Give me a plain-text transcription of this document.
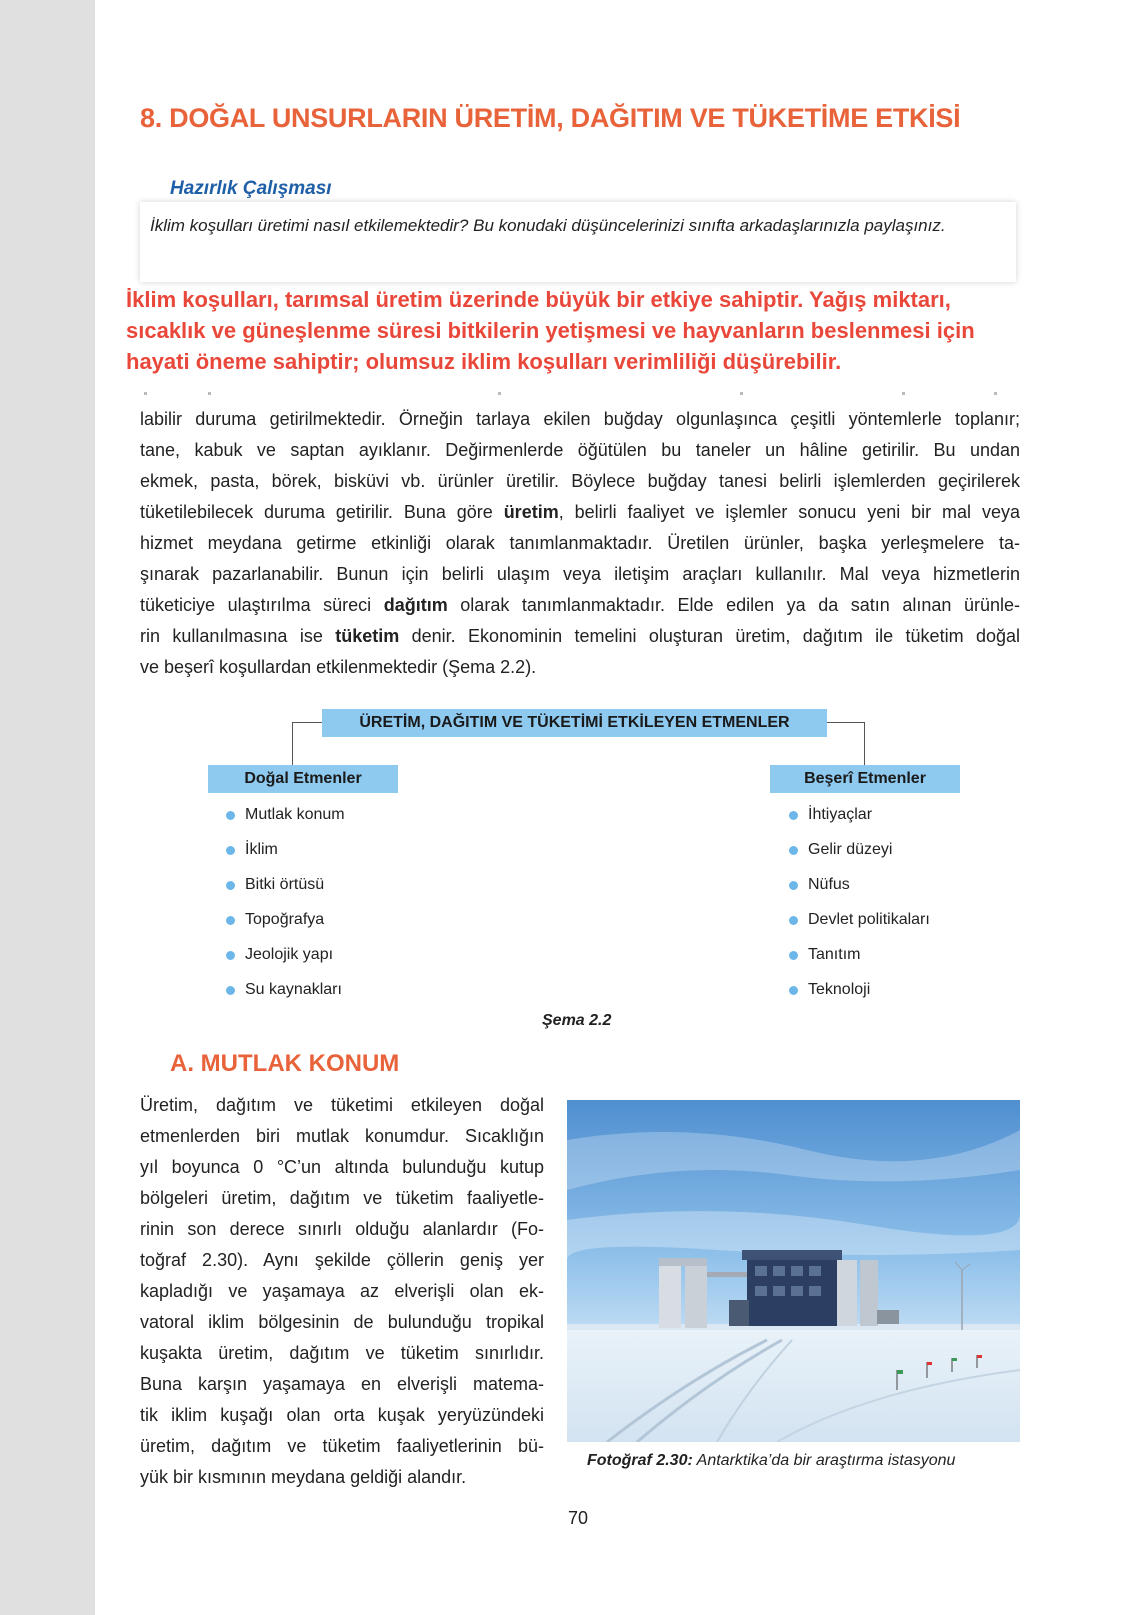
8. DOĞAL UNSURLARIN ÜRETİM, DAĞITIM VE TÜKETİME ETKİSİ
Hazırlık Çalışması
İklim koşulları üretimi nasıl etkilemektedir? Bu konudaki düşüncelerinizi sınıfta arkadaşlarınızla paylaşınız.
İklim koşulları, tarımsal üretim üzerinde büyük bir etkiye sahiptir. Yağış miktarı,
sıcaklık ve güneşlenme süresi bitkilerin yetişmesi ve hayvanların beslenmesi için
hayati öneme sahiptir; olumsuz iklim koşulları verimliliği düşürebilir.
labilir duruma getirilmektedir. Örneğin tarlaya ekilen buğday olgunlaşınca çeşitli yöntemlerle toplanır;
tane, kabuk ve saptan ayıklanır. Değirmenlerde öğütülen bu taneler un hâline getirilir. Bu undan
ekmek, pasta, börek, bisküvi vb. ürünler üretilir. Böylece buğday tanesi belirli işlemlerden geçirilerek
tüketilebilecek duruma getirilir. Buna göre üretim, belirli faaliyet ve işlemler sonucu yeni bir mal veya
hizmet meydana getirme etkinliği olarak tanımlanmaktadır. Üretilen ürünler, başka yerleşmelere ta-
şınarak pazarlanabilir. Bunun için belirli ulaşım veya iletişim araçları kullanılır. Mal veya hizmetlerin
tüketiciye ulaştırılma süreci dağıtım olarak tanımlanmaktadır. Elde edilen ya da satın alınan ürünle-
rin kullanılmasına ise tüketim denir. Ekonominin temelini oluşturan üretim, dağıtım ile tüketim doğal
ve beşerî koşullardan etkilenmektedir (Şema 2.2).
ÜRETİM, DAĞITIM VE TÜKETİMİ ETKİLEYEN ETMENLER
Doğal Etmenler	Beşerî Etmenler
Mutlak konum
İklim
Bitki örtüsü
Topoğrafya
Jeolojik yapı
Su kaynakları
İhtiyaçlar
Gelir düzeyi
Nüfus
Devlet politikaları
Tanıtım
Teknoloji
Şema 2.2
A. MUTLAK KONUM
Üretim, dağıtım ve tüketimi etkileyen doğal
etmenlerden biri mutlak konumdur. Sıcaklığın
yıl boyunca 0 °C’un altında bulunduğu kutup
bölgeleri üretim, dağıtım ve tüketim faaliyetle-
rinin son derece sınırlı olduğu alanlardır (Fo-
toğraf 2.30). Aynı şekilde çöllerin geniş yer
kapladığı ve yaşamaya az elverişli olan ek-
vatoral iklim bölgesinin de bulunduğu tropikal
kuşakta üretim, dağıtım ve tüketim sınırlıdır.
Buna karşın yaşamaya en elverişli matema-
tik iklim kuşağı olan orta kuşak yeryüzündeki
üretim, dağıtım ve tüketim faaliyetlerinin bü-
yük bir kısmının meydana geldiği alandır.
Fotoğraf 2.30: Antarktika’da bir araştırma istasyonu
70
